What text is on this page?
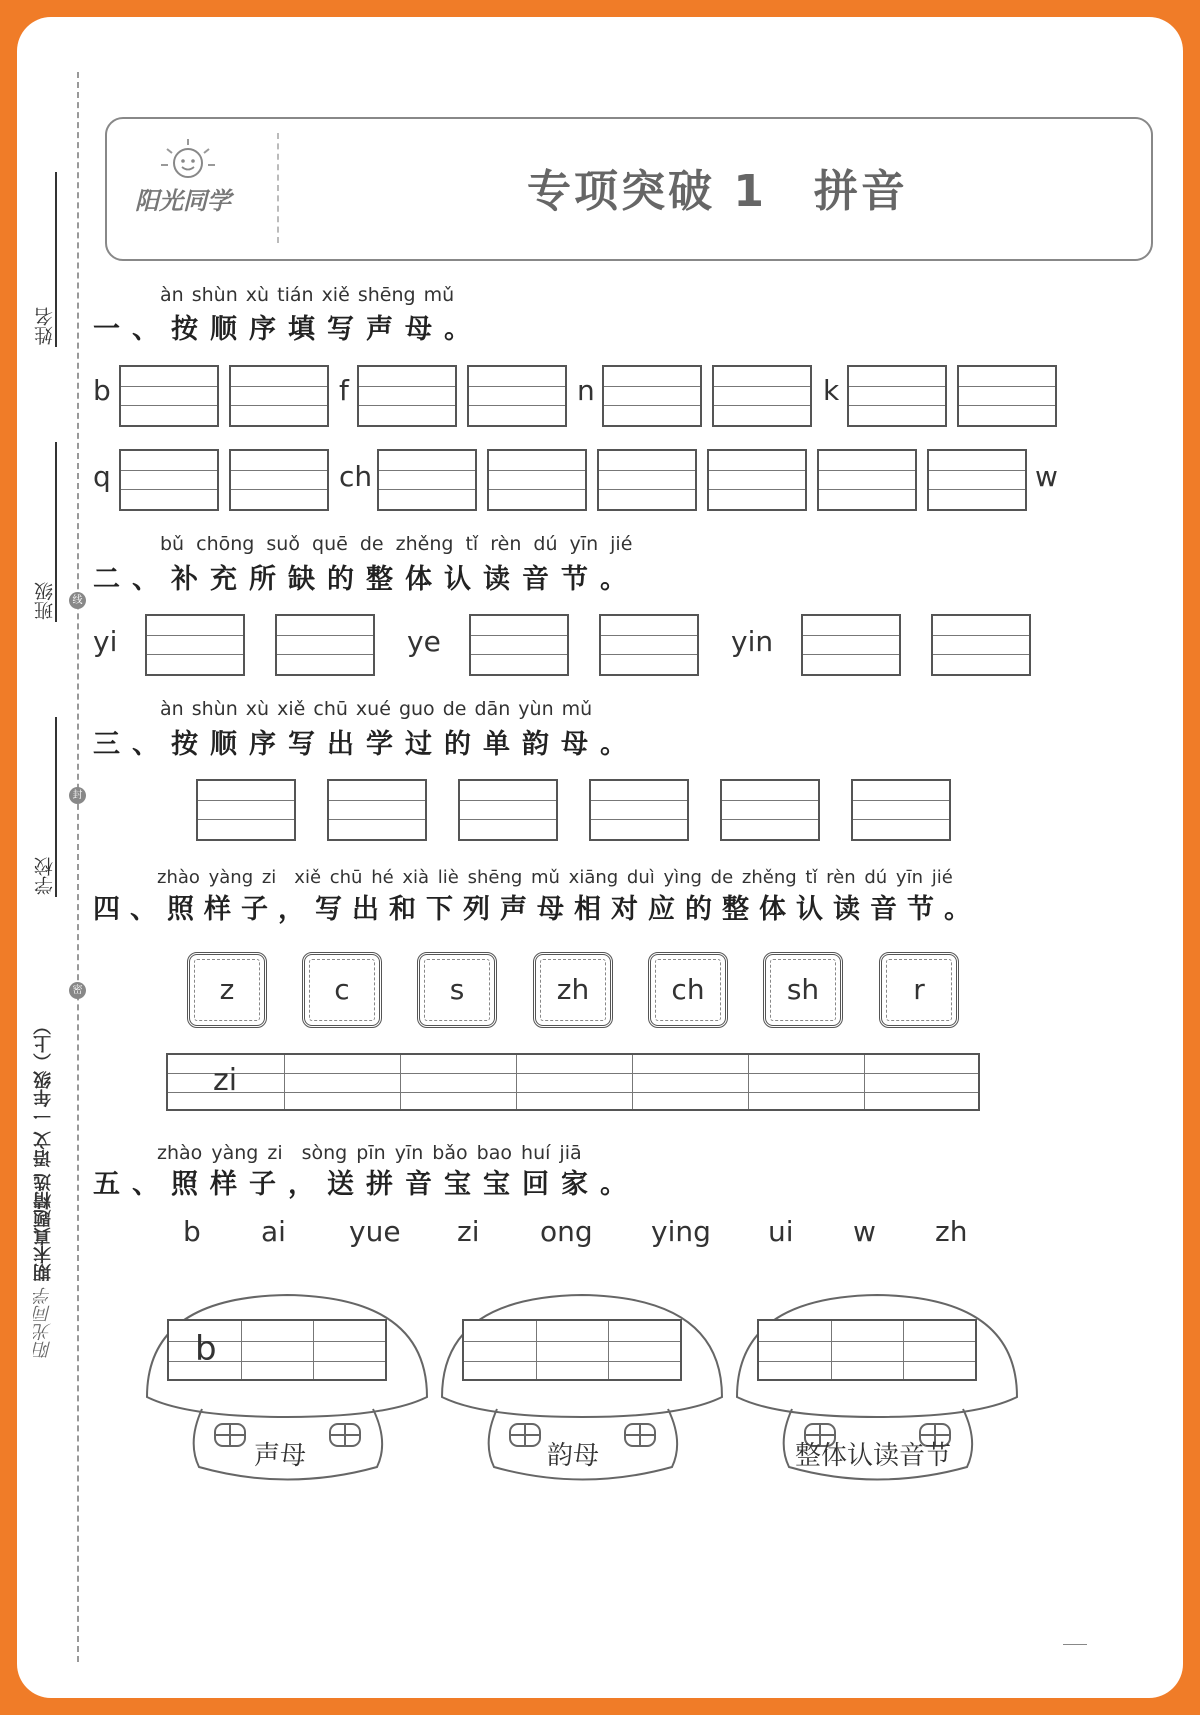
姓名
班级
学校
线
封
密
期末真题精选 语文 一年级（上）
阳光同学
阳光同学	专项突破 1　拼音
àn shùn xù tián xiě shēng mǔ
一、按顺序填写声母。
b	f	n	k
q	ch	w
bǔ chōng suǒ quē de zhěng tǐ rèn dú yīn jié
二、补充所缺的整体认读音节。
yi	ye	yin
àn shùn xù xiě chū xué guo de dān yùn mǔ
三、按顺序写出学过的单韵母。
zhào yàng zi　xiě chū hé xià liè shēng mǔ xiāng duì yìng de zhěng tǐ rèn dú yīn jié
四、照样子，写出和下列声母相对应的整体认读音节。
z	c	s	zh	ch	sh	r
zi
zhào yàng zi　sòng pīn yīn bǎo bao huí jiā
五、照样子，送拼音宝宝回家。
b ai yue zi ong ying ui w zh
b
声母	韵母	整体认读音节
